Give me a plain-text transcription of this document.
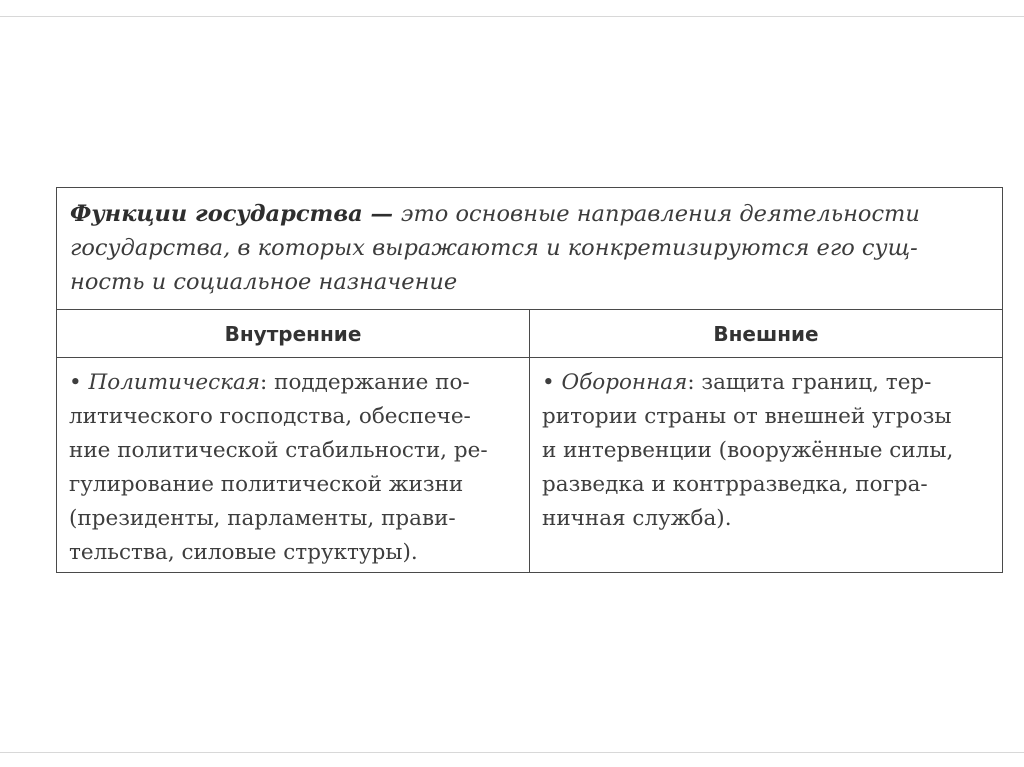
Функции государства — это основные направления деятельности
государства, в которых выражаются и конкретизируются его сущ-
ность и социальное назначение
Внутренние	Внешние
• Политическая: поддержание по-
литического господства, обеспече-
ние политической стабильности, ре-
гулирование политической жизни
(президенты, парламенты, прави-
тельства, силовые структуры).
• Оборонная: защита границ, тер-
ритории страны от внешней угрозы
и интервенции (вооружённые силы,
разведка и контрразведка, погра-
ничная служба).
